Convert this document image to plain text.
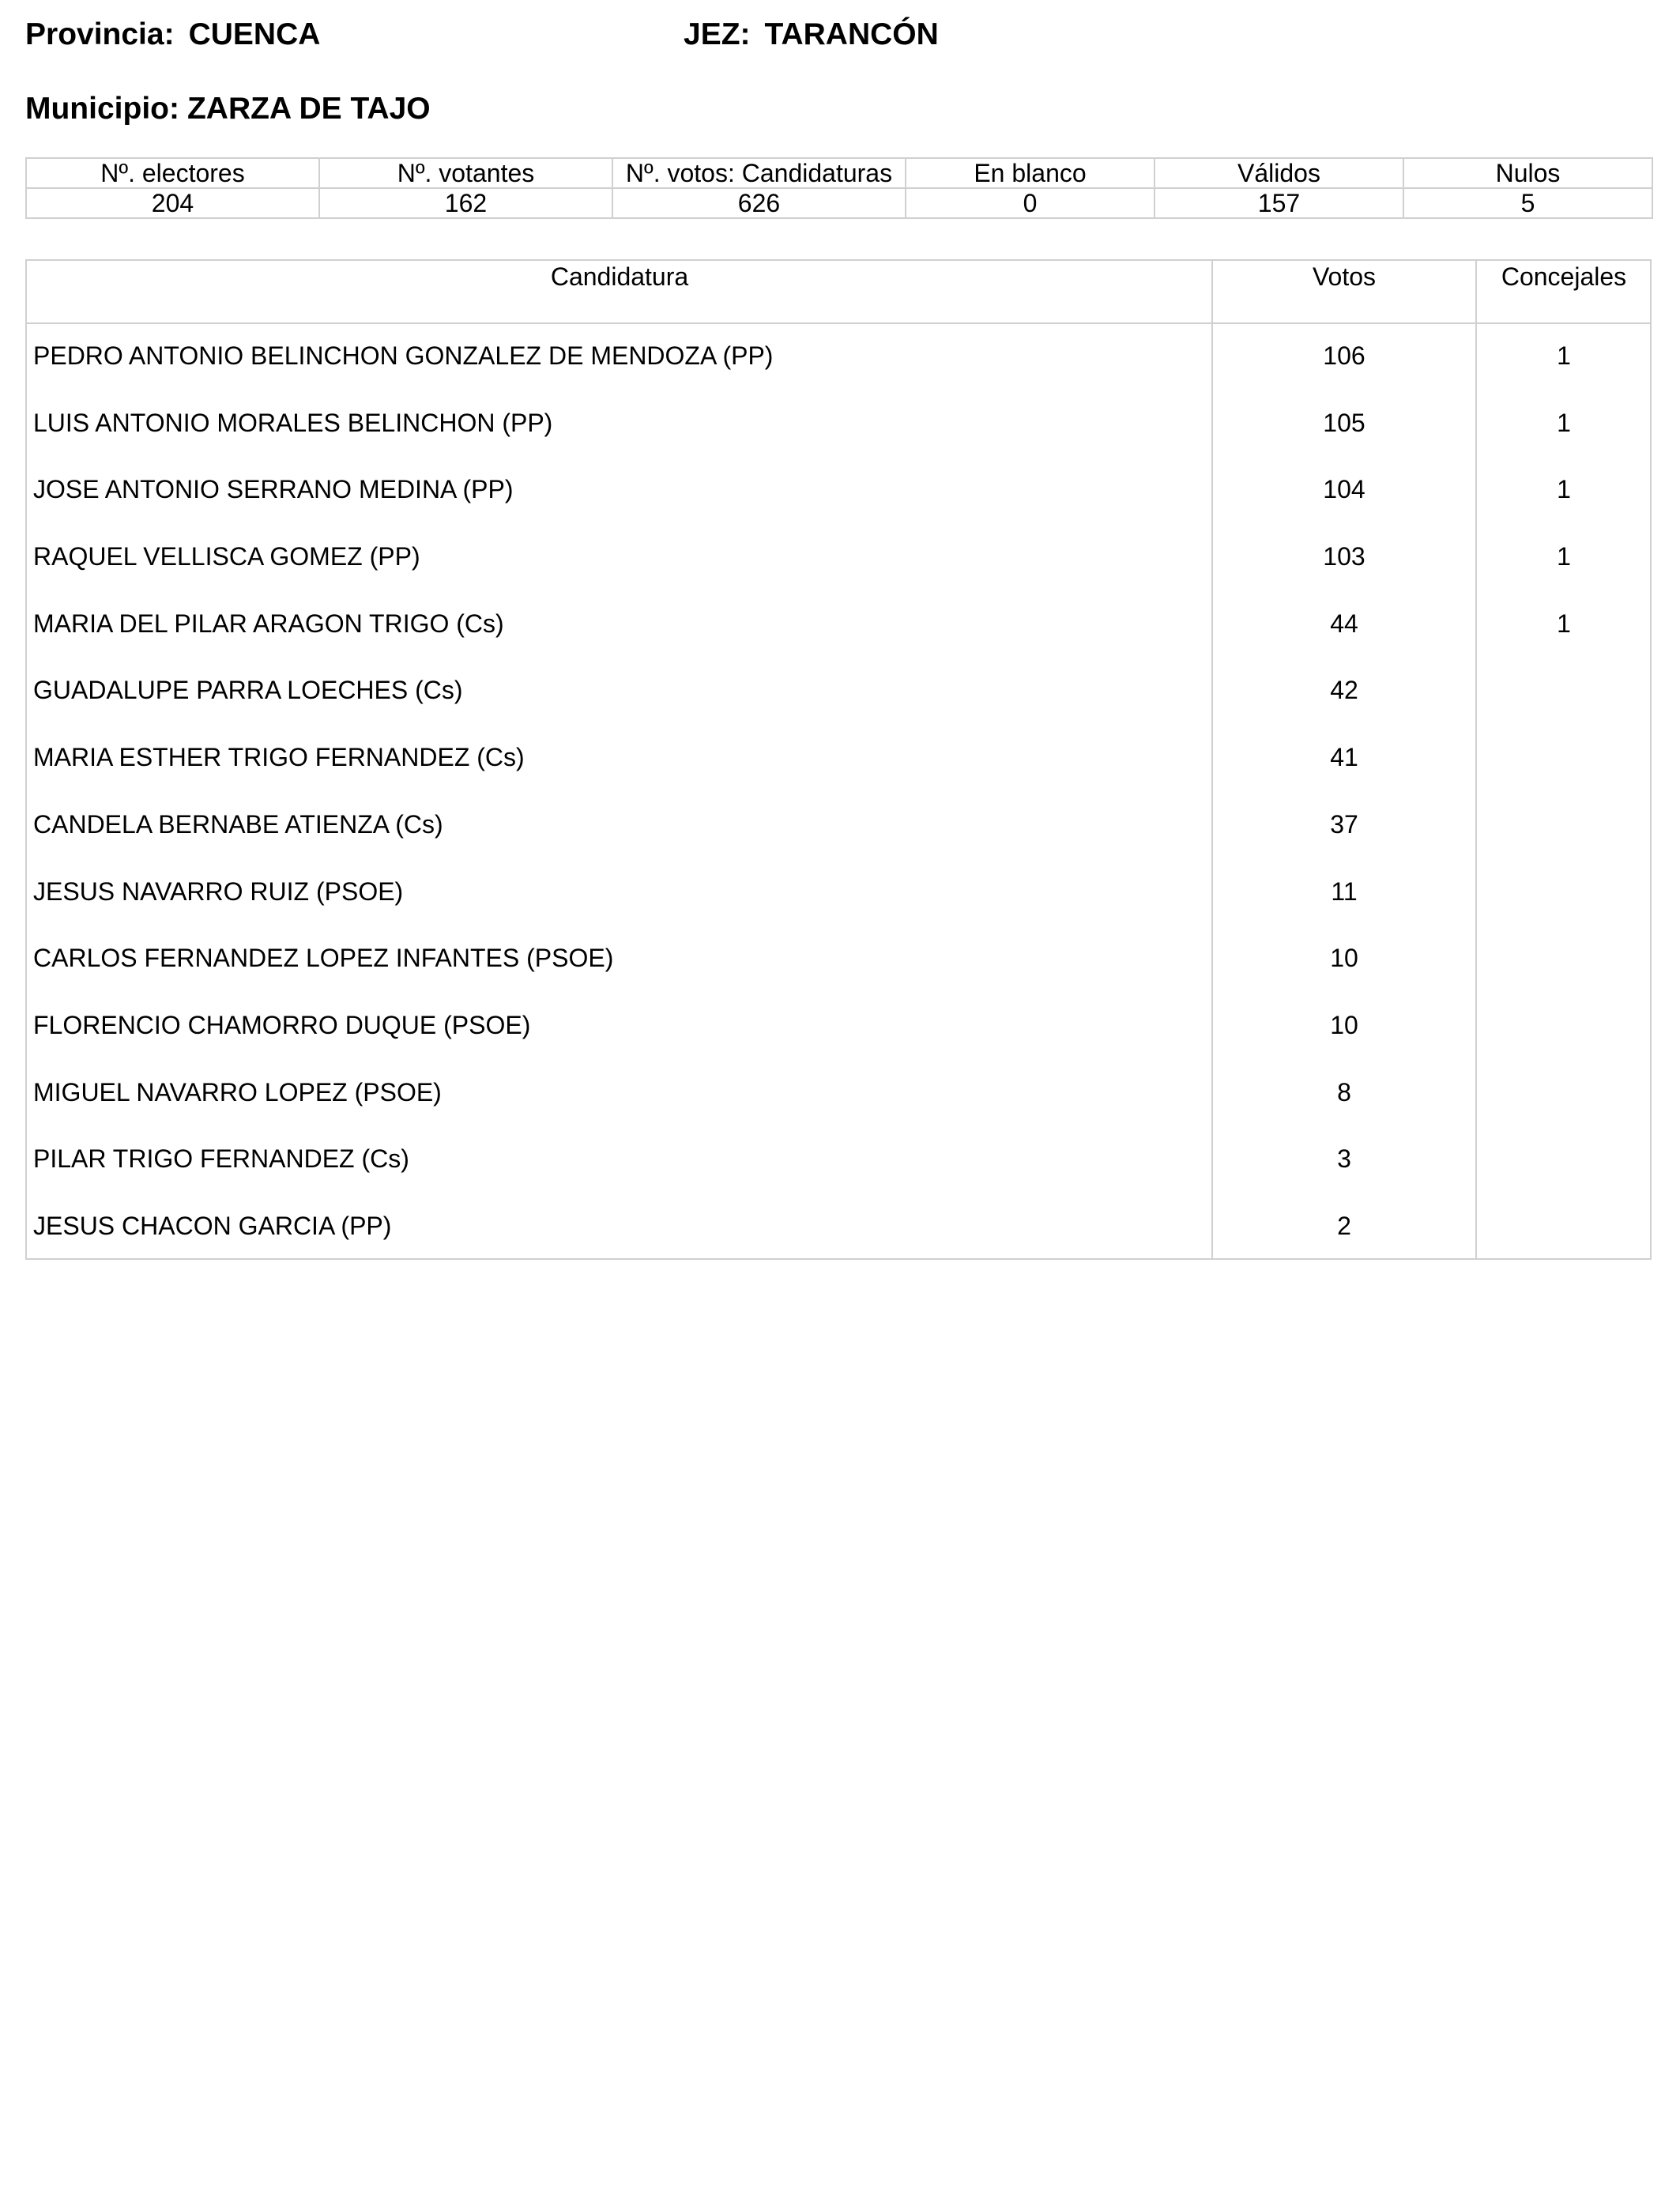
Provincia: CUENCA	JEZ: TARANCÓN
Municipio: ZARZA DE TAJO
Nº. electores	Nº. votantes	Nº. votos: Candidaturas	En blanco	Válidos	Nulos
204	162	626	0	157	5
Candidatura	Votos	Concejales
PEDRO ANTONIO BELINCHON GONZALEZ DE MENDOZA (PP)	106	1
LUIS ANTONIO MORALES BELINCHON (PP)	105	1
JOSE ANTONIO SERRANO MEDINA (PP)	104	1
RAQUEL VELLISCA GOMEZ (PP)	103	1
MARIA DEL PILAR ARAGON TRIGO (Cs)	44	1
GUADALUPE PARRA LOECHES (Cs)	42
MARIA ESTHER TRIGO FERNANDEZ (Cs)	41
CANDELA BERNABE ATIENZA (Cs)	37
JESUS NAVARRO RUIZ (PSOE)	11
CARLOS FERNANDEZ LOPEZ INFANTES (PSOE)	10
FLORENCIO CHAMORRO DUQUE (PSOE)	10
MIGUEL NAVARRO LOPEZ (PSOE)	8
PILAR TRIGO FERNANDEZ (Cs)	3
JESUS CHACON GARCIA (PP)	2
